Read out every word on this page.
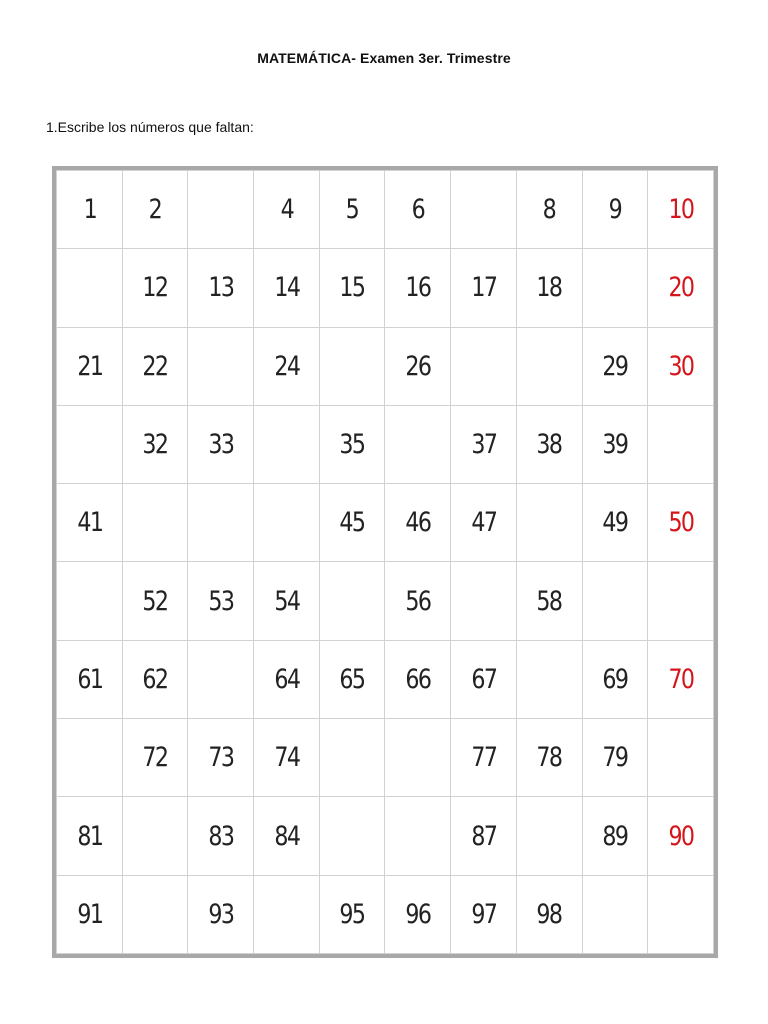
MATEMÁTICA- Examen 3er. Trimestre
1.Escribe los números que faltan:
1	2		4	5	6		8	9	10
	12	13	14	15	16	17	18		20
21	22		24		26			29	30
	32	33		35		37	38	39	
41				45	46	47		49	50
	52	53	54		56		58		
61	62		64	65	66	67		69	70
	72	73	74			77	78	79	
81		83	84			87		89	90
91		93		95	96	97	98		
